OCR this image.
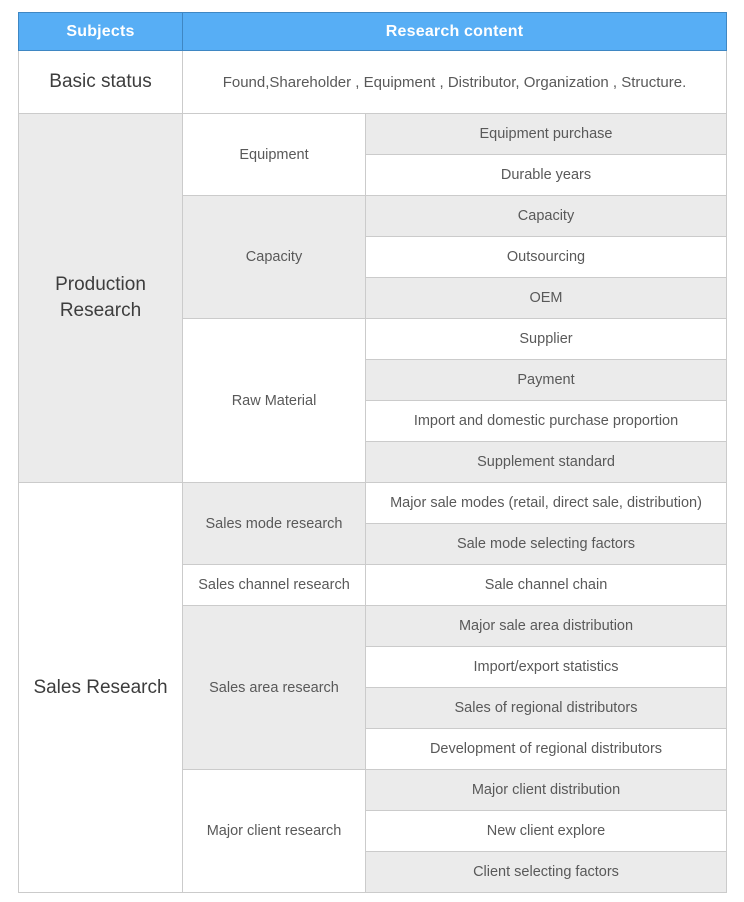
Subjects	Research content	
Basic status	Found,Shareholder , Equipment , Distributor, Organization , Structure.	
Production Research	Equipment	Equipment purchase
		Durable years
	Capacity	Capacity
		Outsourcing
		OEM
	Raw Material	Supplier
		Payment
		Import and domestic purchase proportion
		Supplement standard
Sales Research	Sales mode research	Major sale modes (retail, direct sale, distribution)
		Sale mode selecting factors
	Sales channel research	Sale channel chain
	Sales area research	Major sale area distribution
		Import/export statistics
		Sales of regional distributors
		Development of regional distributors
	Major client research	Major client distribution
		New client explore
		Client selecting factors
